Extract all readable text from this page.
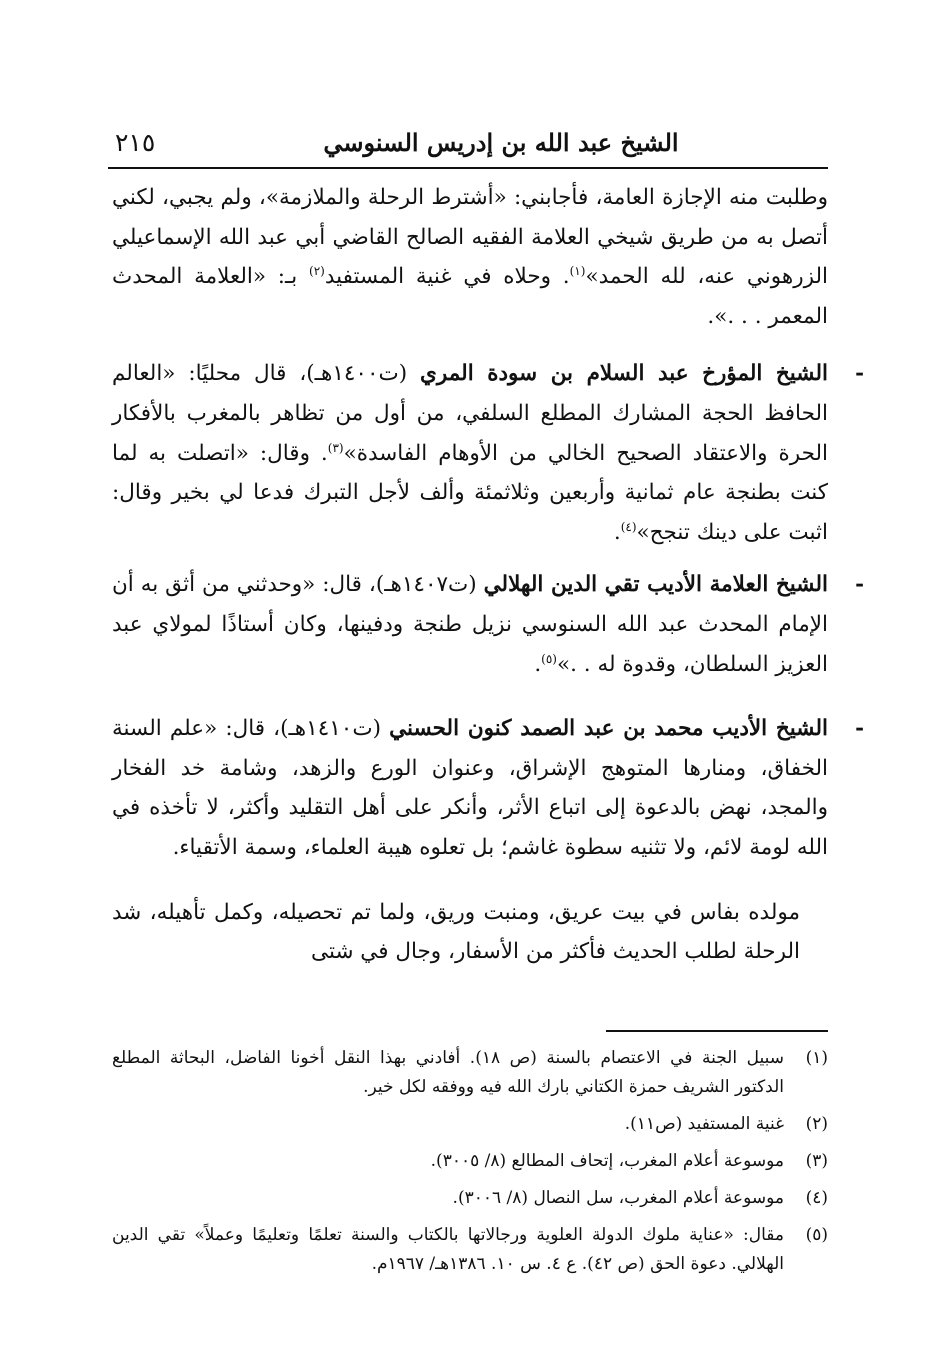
٢١٥	الشيخ عبد الله بن إدريس السنوسي

وطلبت منه الإجازة العامة، فأجابني: «أشترط الرحلة والملازمة»، ولم يجبي، لكني أتصل به من طريق شيخي العلامة الفقيه الصالح القاضي أبي عبد الله الإسماعيلي الزرهوني عنه، لله الحمد»$^{(١)}$. وحلاه في غنية المستفيد$^{(٢)}$ بـ: «العلامة المحدث المعمر . . .».

-
الشيخ المؤرخ عبد السلام بن سودة المري (ت١٤٠٠هـ)، قال محليًا: «العالم الحافظ الحجة المشارك المطلع السلفي، من أول من تظاهر بالمغرب بالأفكار الحرة والاعتقاد الصحيح الخالي من الأوهام الفاسدة»$^{(٣)}$. وقال: «اتصلت به لما كنت بطنجة عام ثمانية وأربعين وثلاثمئة وألف لأجل التبرك فدعا لي بخير وقال: اثبت على دينك تنجح»$^{(٤)}$.

-
الشيخ العلامة الأديب تقي الدين الهلالي (ت١٤٠٧هـ)، قال: «وحدثني من أثق به أن الإمام المحدث عبد الله السنوسي نزيل طنجة ودفينها، وكان أستاذًا لمولاي عبد العزيز السلطان، وقدوة له . .»$^{(٥)}$.

-
الشيخ الأديب محمد بن عبد الصمد كنون الحسني (ت١٤١٠هـ)، قال: «علم السنة الخفاق، ومنارها المتوهج الإشراق، وعنوان الورع والزهد، وشامة خد الفخار والمجد، نهض بالدعوة إلى اتباع الأثر، وأنكر على أهل التقليد وأكثر، لا تأخذه في الله لومة لائم، ولا تثنيه سطوة غاشم؛ بل تعلوه هيبة العلماء، وسمة الأتقياء.

مولده بفاس في بيت عريق، ومنبت وريق، ولما تم تحصيله، وكمل تأهيله، شد الرحلة لطلب الحديث فأكثر من الأسفار، وجال في شتى

(١)
سبيل الجنة في الاعتصام بالسنة (ص ١٨). أفادني بهذا النقل أخونا الفاضل، البحاثة المطلع الدكتور الشريف حمزة الكتاني بارك الله فيه ووفقه لكل خير.
(٢)
غنية المستفيد (ص١١).
(٣)
موسوعة أعلام المغرب، إتحاف المطالع (٨/ ٣٠٠٥).
(٤)
موسوعة أعلام المغرب، سل النصال (٨/ ٣٠٠٦).
(٥)
مقال: «عناية ملوك الدولة العلوية ورجالاتها بالكتاب والسنة تعلمًا وتعليمًا وعملاً» تقي الدين الهلالي. دعوة الحق (ص ٤٢). ع ٤. س ١٠. ١٣٨٦هـ/ ١٩٦٧م.
